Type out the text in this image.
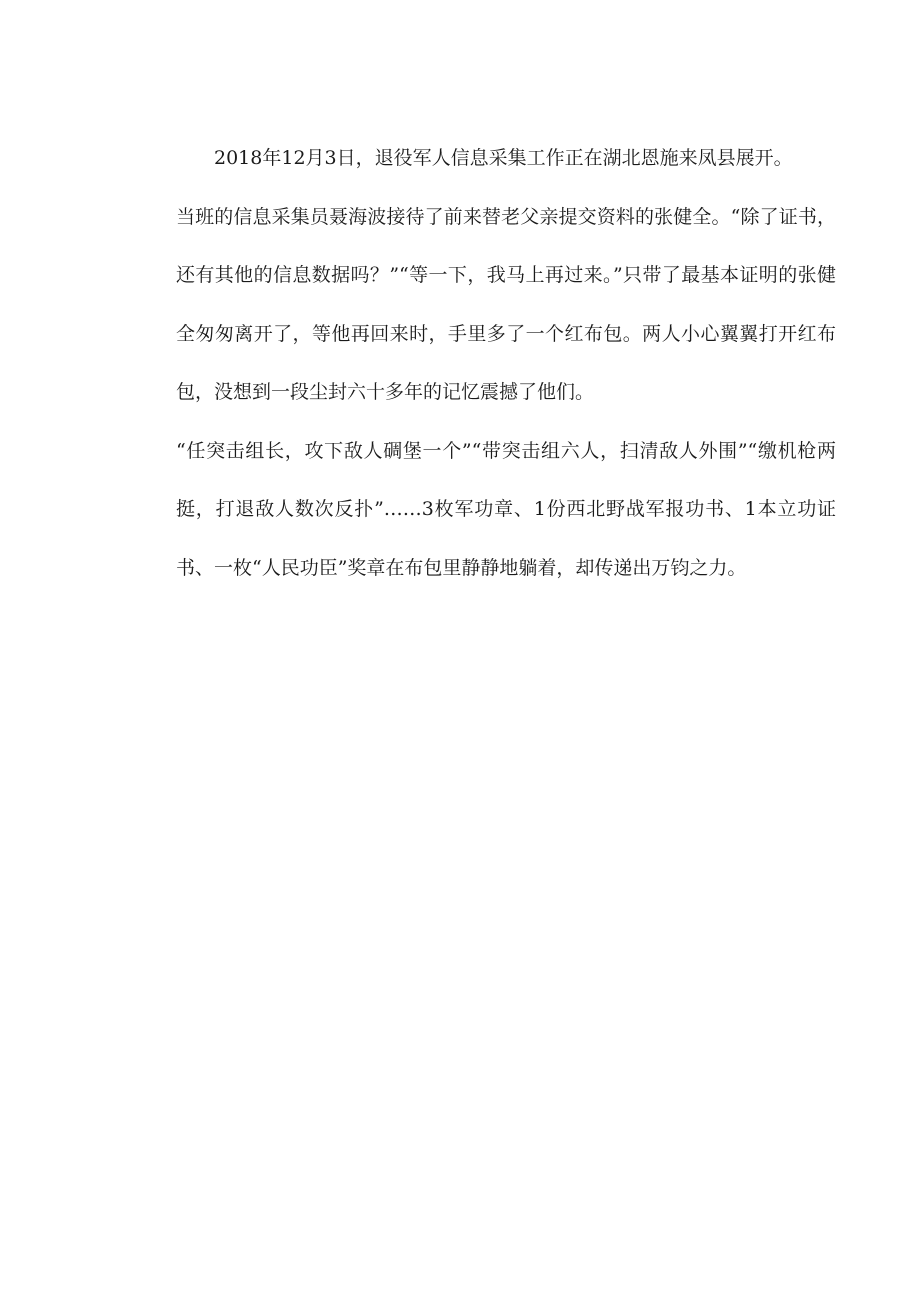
2018年12月3日，退役军人信息采集工作正在湖北恩施来凤县展开。

当班的信息采集员聂海波接待了前来替老父亲提交资料的张健全。“除了证书，还有其他的信息数据吗？”“等一下，我马上再过来。”只带了最基本证明的张健全匆匆离开了，等他再回来时，手里多了一个红布包。两人小心翼翼打开红布包，没想到一段尘封六十多年的记忆震撼了他们。

“任突击组长，攻下敌人碉堡一个”“带突击组六人，扫清敌人外围”“缴机枪两挺，打退敌人数次反扑”……3枚军功章、1份西北野战军报功书、1本立功证书、一枚“人民功臣”奖章在布包里静静地躺着，却传递出万钧之力。
